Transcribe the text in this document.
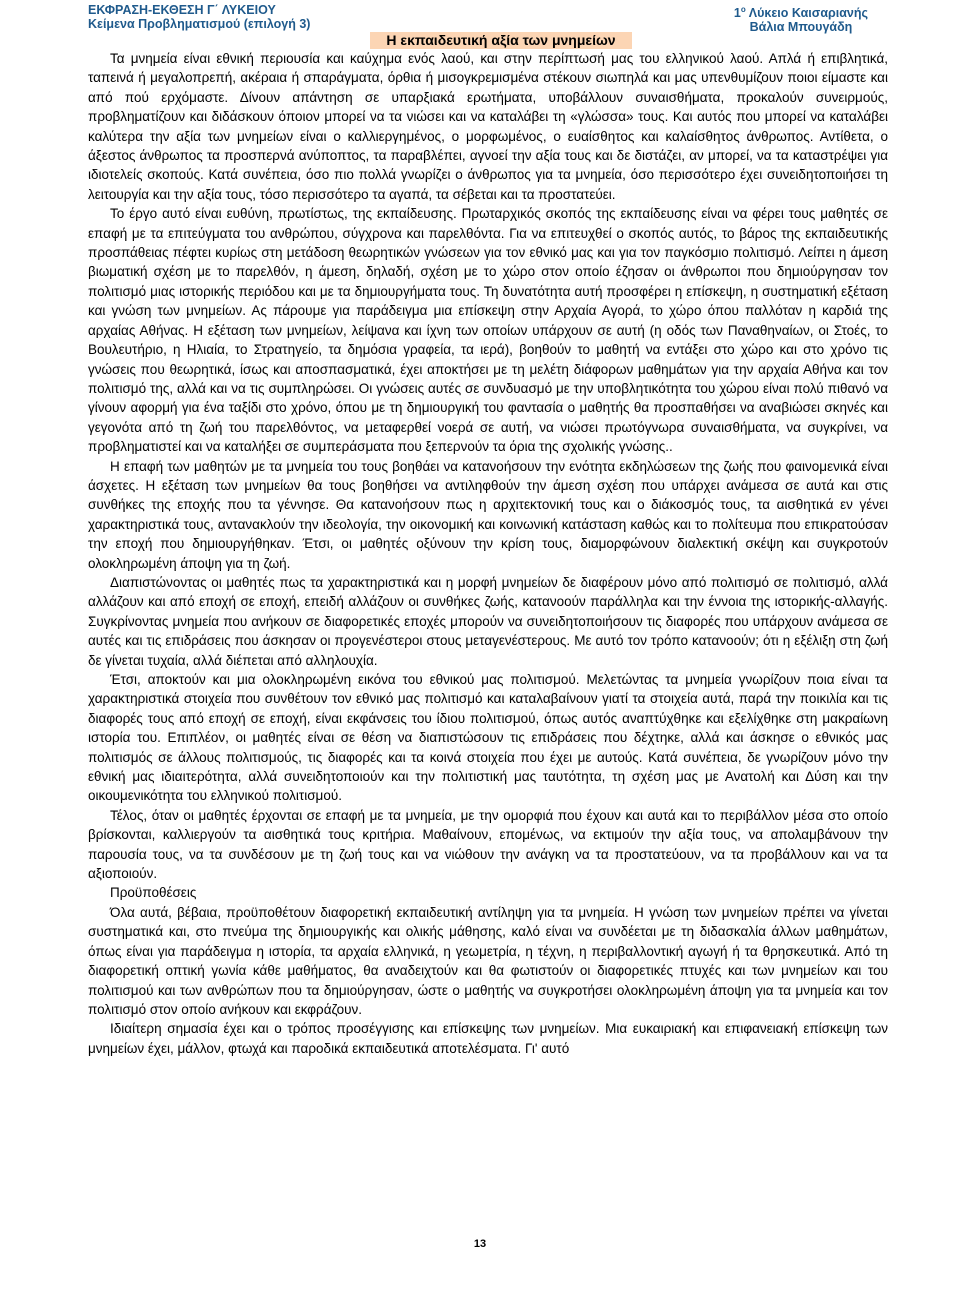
ΕΚΦΡΑΣΗ-ΕΚΘΕΣΗ Γ΄ ΛΥΚΕΙΟΥ
Κείμενα Προβληματισμού (επιλογή 3)
$1^o$ Λύκειο Καισαριανής
Βάλια Μπουγάδη
Η εκπαιδευτική αξία των μνημείων

Τα μνημεία είναι εθνική περιουσία και καύχημα ενός λαού, και στην περίπτωσή μας του ελληνικού λαού. Απλά ή επιβλητικά, ταπεινά ή μεγαλοπρεπή, ακέραια ή σπαράγματα, όρθια ή μισογκρεμισμένα στέκουν σιωπηλά και μας υπενθυμίζουν ποιοι είμαστε και από πού ερχόμαστε. Δίνουν απάντηση σε υπαρξιακά ερωτήματα, υποβάλλουν συναισθήματα, προκαλούν συνειρμούς, προβληματίζουν και διδάσκουν όποιον μπορεί να τα νιώσει και να καταλάβει τη «γλώσσα» τους. Και αυτός που μπορεί να καταλάβει καλύτερα την αξία των μνημείων είναι ο καλλιεργημένος, ο μορφωμένος, ο ευαίσθητος και καλαίσθητος άνθρωπος. Αντίθετα, ο άξεστος άνθρωπος τα προσπερνά ανύποπτος, τα παραβλέπει, αγνοεί την αξία τους και δε διστάζει, αν μπορεί, να τα καταστρέψει για ιδιοτελείς σκοπούς. Κατά συνέπεια, όσο πιο πολλά γνωρίζει ο άνθρωπος για τα μνημεία, όσο περισσότερο έχει συνειδητοποιήσει τη λειτουργία και την αξία τους, τόσο περισσότερο τα αγαπά, τα σέβεται και τα προστατεύει.

Το έργο αυτό είναι ευθύνη, πρωτίστως, της εκπαίδευσης. Πρωταρχικός σκοπός της εκπαίδευσης είναι να φέρει τους μαθητές σε επαφή με τα επιτεύγματα του ανθρώπου, σύγχρονα και παρελθόντα. Για να επιτευχθεί ο σκοπός αυτός, το βάρος της εκπαιδευτικής προσπάθειας πέφτει κυρίως στη μετάδοση θεωρητικών γνώσεων για τον εθνικό μας και για τον παγκόσμιο πολιτισμό. Λείπει η άμεση βιωματική σχέση με το παρελθόν, η άμεση, δηλαδή, σχέση με το χώρο στον οποίο έζησαν οι άνθρωποι που δημιούργησαν τον πολιτισμό μιας ιστορικής περιόδου και με τα δημιουργήματα τους. Τη δυνατότητα αυτή προσφέρει η επίσκεψη, η συστηματική εξέταση και γνώση των μνημείων. Ας πάρουμε για παράδειγμα μια επίσκεψη στην Αρχαία Αγορά, το χώρο όπου παλλόταν η καρδιά της αρχαίας Αθήνας. Η εξέταση των μνημείων, λείψανα και ίχνη των οποίων υπάρχουν σε αυτή (η οδός των Παναθηναίων, οι Στοές, το Βουλευτήριο, η Ηλιαία, το Στρατηγείο, τα δημόσια γραφεία, τα ιερά), βοηθούν το μαθητή να εντάξει στο χώρο και στο χρόνο τις γνώσεις που θεωρητικά, ίσως και αποσπασματικά, έχει αποκτήσει με τη μελέτη διάφορων μαθημάτων για την αρχαία Αθήνα και τον πολιτισμό της, αλλά και να τις συμπληρώσει. Οι γνώσεις αυτές σε συνδυασμό με την υποβλητικότητα του χώρου είναι πολύ πιθανό να γίνουν αφορμή για ένα ταξίδι στο χρόνο, όπου με τη δημιουργική του φαντασία ο μαθητής θα προσπαθήσει να αναβιώσει σκηνές και γεγονότα από τη ζωή του παρελθόντος, να μεταφερθεί νοερά σε αυτή, να νιώσει πρωτόγνωρα συναισθήματα, να συγκρίνει, να προβληματιστεί και να καταλήξει σε συμπεράσματα που ξεπερνούν τα όρια της σχολικής γνώσης..

Η επαφή των μαθητών με τα μνημεία του τους βοηθάει να κατανοήσουν την ενότητα εκδηλώσεων της ζωής που φαινομενικά είναι άσχετες. Η εξέταση των μνημείων θα τους βοηθήσει να αντιληφθούν την άμεση σχέση που υπάρχει ανάμεσα σε αυτά και στις συνθήκες της εποχής που τα γέννησε. Θα κατανοήσουν πως η αρχιτεκτονική τους και ο διάκοσμός τους, τα αισθητικά εν γένει χαρακτηριστικά τους, αντανακλούν την ιδεολογία, την οικονομική και κοινωνική κατάσταση καθώς και το πολίτευμα που επικρατούσαν την εποχή που δημιουργήθηκαν. Έτσι, οι μαθητές οξύνουν την κρίση τους, διαμορφώνουν διαλεκτική σκέψη και συγκροτούν ολοκληρωμένη άποψη για τη ζωή.

Διαπιστώνοντας οι μαθητές πως τα χαρακτηριστικά και η μορφή μνημείων δε διαφέρουν μόνο από πολιτισμό σε πολιτισμό, αλλά αλλάζουν και από εποχή σε εποχή, επειδή αλλάζουν οι συνθήκες ζωής, κατανοούν παράλληλα και την έννοια της ιστορικής-αλλαγής. Συγκρίνοντας μνημεία που ανήκουν σε διαφορετικές εποχές μπορούν να συνειδητοποιήσουν τις διαφορές που υπάρχουν ανάμεσα σε αυτές και τις επιδράσεις που άσκησαν οι προγενέστεροι στους μεταγενέστερους. Με αυτό τον τρόπο κατανοούν; ότι η εξέλιξη στη ζωή δε γίνεται τυχαία, αλλά διέπεται από αλληλουχία.

Έτσι, αποκτούν και μια ολοκληρωμένη εικόνα του εθνικού μας πολιτισμού. Μελετώντας τα μνημεία γνωρίζουν ποια είναι τα χαρακτηριστικά στοιχεία που συνθέτουν τον εθνικό μας πολιτισμό και καταλαβαίνουν γιατί τα στοιχεία αυτά, παρά την ποικιλία και τις διαφορές τους από εποχή σε εποχή, είναι εκφάνσεις του ίδιου πολιτισμού, όπως αυτός αναπτύχθηκε και εξελίχθηκε στη μακραίωνη ιστορία του. Επιπλέον, οι μαθητές είναι σε θέση να διαπιστώσουν τις επιδράσεις που δέχτηκε, αλλά και άσκησε ο εθνικός μας πολιτισμός σε άλλους πολιτισμούς, τις διαφορές και τα κοινά στοιχεία που έχει με αυτούς. Κατά συνέπεια, δε γνωρίζουν μόνο την εθνική μας ιδιαιτερότητα, αλλά συνειδητοποιούν και την πολιτιστική μας ταυτότητα, τη σχέση μας με Ανατολή και Δύση και την οικουμενικότητα του ελληνικού πολιτισμού.

Τέλος, όταν οι μαθητές έρχονται σε επαφή με τα μνημεία, με την ομορφιά που έχουν και αυτά και το περιβάλλον μέσα στο οποίο βρίσκονται, καλλιεργούν τα αισθητικά τους κριτήρια. Μαθαίνουν, επομένως, να εκτιμούν την αξία τους, να απολαμβάνουν την παρουσία τους, να τα συνδέσουν με τη ζωή τους και να νιώθουν την ανάγκη να τα προστατεύουν, να τα προβάλλουν και να τα αξιοποιούν.

Προϋποθέσεις

Όλα αυτά, βέβαια, προϋποθέτουν διαφορετική εκπαιδευτική αντίληψη για τα μνημεία. Η γνώση των μνημείων πρέπει να γίνεται συστηματικά και, στο πνεύμα της δημιουργικής και ολικής μάθησης, καλό είναι να συνδέεται με τη διδασκαλία άλλων μαθημάτων, όπως είναι για παράδειγμα η ιστορία, τα αρχαία ελληνικά, η γεωμετρία, η τέχνη, η περιβαλλοντική αγωγή ή τα θρησκευτικά. Από τη διαφορετική οπτική γωνία κάθε μαθήματος, θα αναδειχτούν και θα φωτιστούν οι διαφορετικές πτυχές και των μνημείων και του πολιτισμού και των ανθρώπων που τα δημιούργησαν, ώστε ο μαθητής να συγκροτήσει ολοκληρωμένη άποψη για τα μνημεία και τον πολιτισμό στον οποίο ανήκουν και εκφράζουν.

Ιδιαίτερη σημασία έχει και ο τρόπος προσέγγισης και επίσκεψης των μνημείων. Μια ευκαιριακή και επιφανειακή επίσκεψη των μνημείων έχει, μάλλον, φτωχά και παροδικά εκπαιδευτικά αποτελέσματα. Γι' αυτό

13
